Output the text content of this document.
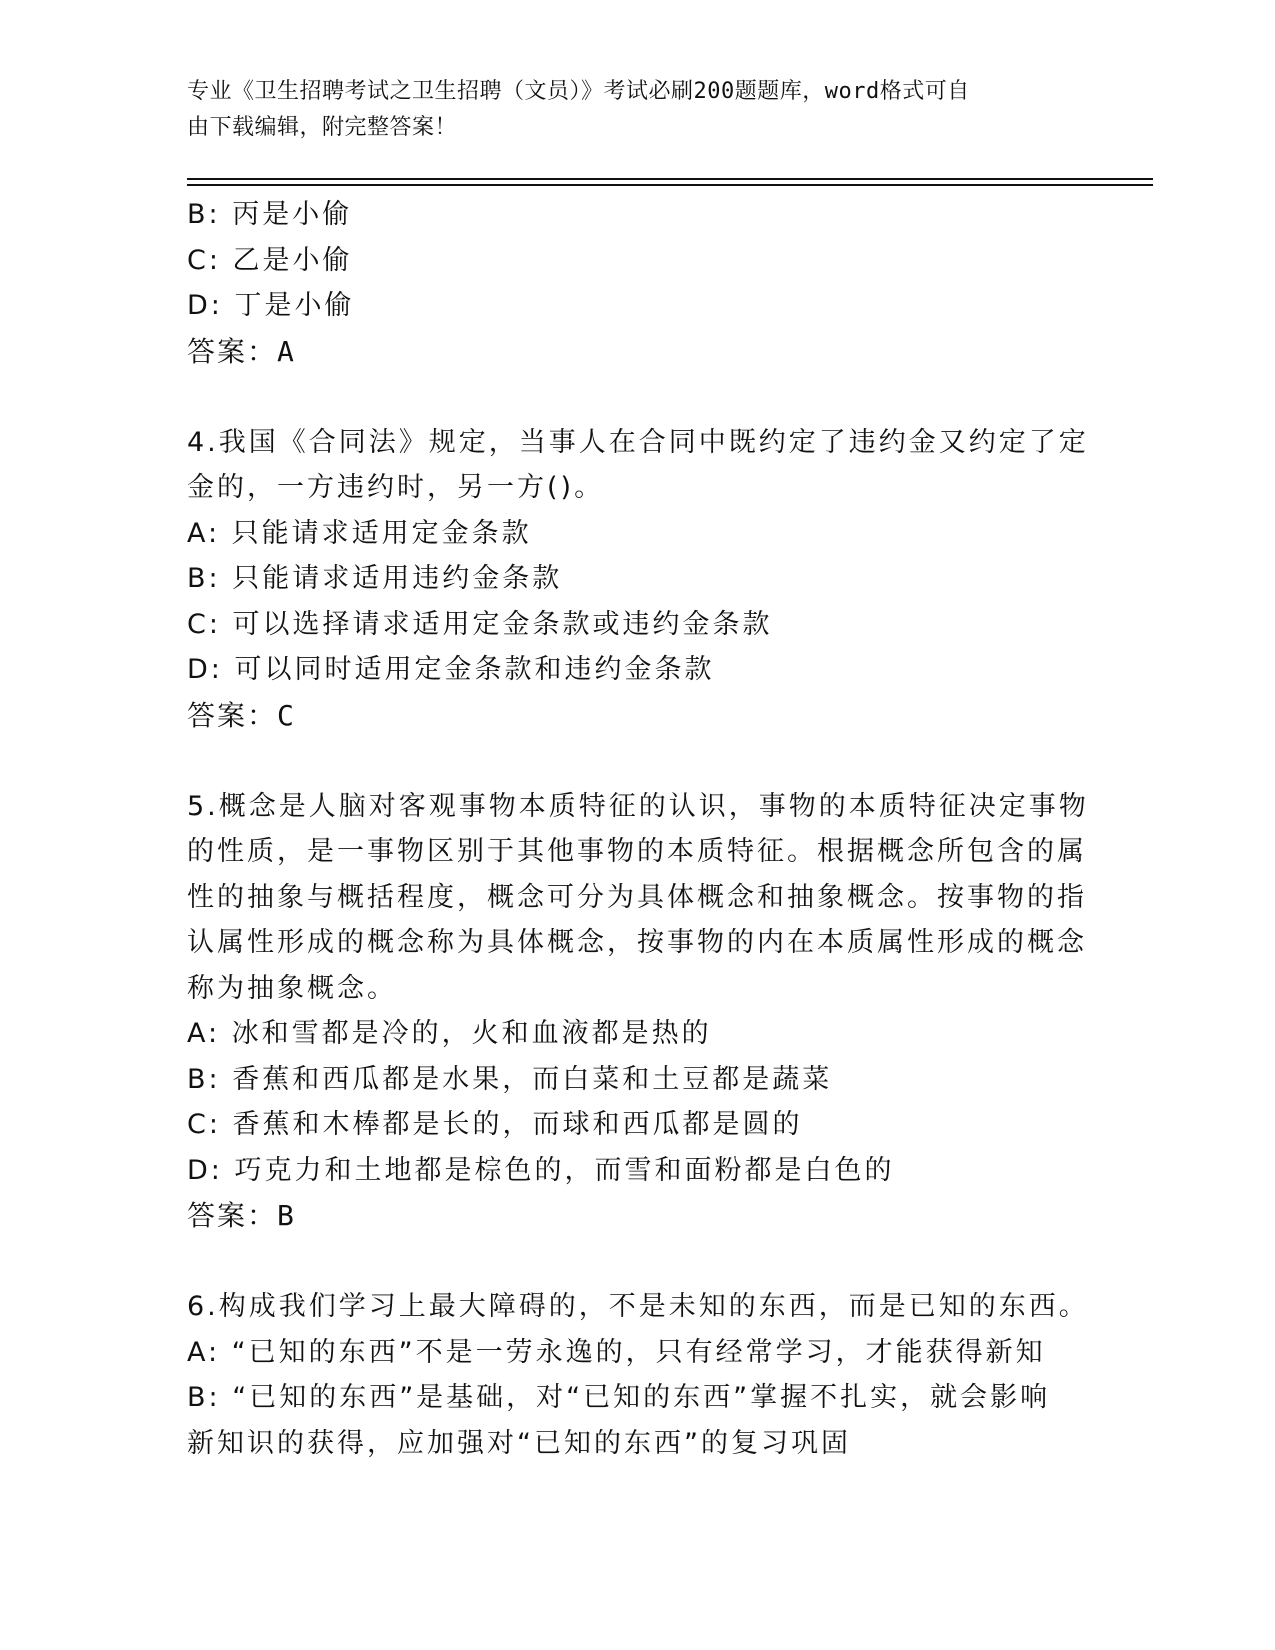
专业《卫生招聘考试之卫生招聘（文员）》考试必刷200题题库，word格式可自
由下载编辑，附完整答案！
B: 丙是小偷
C: 乙是小偷
D: 丁是小偷
答案：A
4.我国《合同法》规定，当事人在合同中既约定了违约金又约定了定
金的，一方违约时，另一方()。
A: 只能请求适用定金条款
B: 只能请求适用违约金条款
C: 可以选择请求适用定金条款或违约金条款
D: 可以同时适用定金条款和违约金条款
答案：C
5.概念是人脑对客观事物本质特征的认识，事物的本质特征决定事物
的性质，是一事物区别于其他事物的本质特征。根据概念所包含的属
性的抽象与概括程度，概念可分为具体概念和抽象概念。按事物的指
认属性形成的概念称为具体概念，按事物的内在本质属性形成的概念
称为抽象概念。
A: 冰和雪都是冷的，火和血液都是热的
B: 香蕉和西瓜都是水果，而白菜和土豆都是蔬菜
C: 香蕉和木棒都是长的，而球和西瓜都是圆的
D: 巧克力和土地都是棕色的，而雪和面粉都是白色的
答案：B
6.构成我们学习上最大障碍的，不是未知的东西，而是已知的东西。
A: “已知的东西”不是一劳永逸的，只有经常学习，才能获得新知
B: “已知的东西”是基础，对“已知的东西”掌握不扎实，就会影响
新知识的获得，应加强对“已知的东西”的复习巩固
